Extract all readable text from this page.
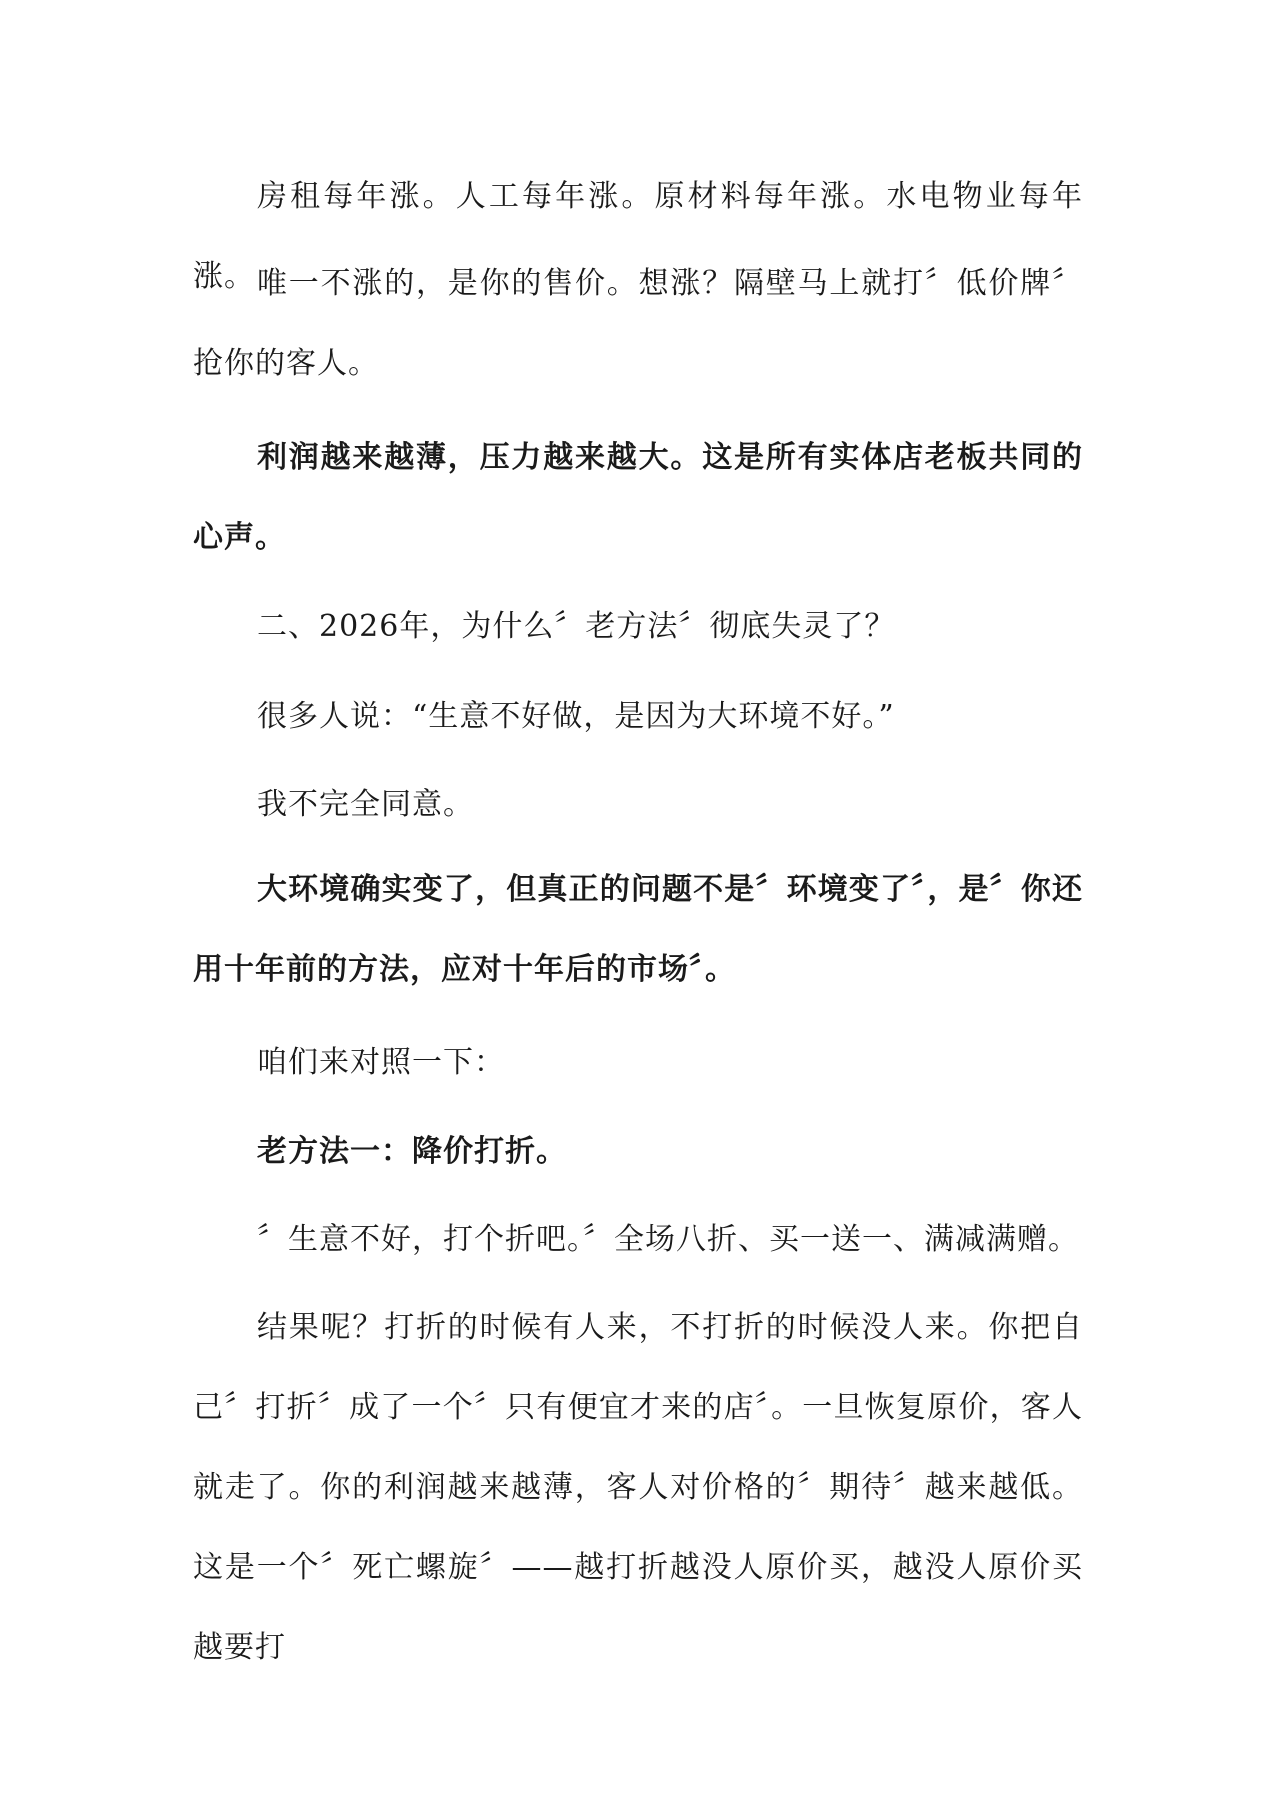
房租每年涨。人工每年涨。原材料每年涨。水电物业每年涨。 唯一不涨的，是你的售价。想涨？隔壁马上就打〞低价牌〞抢你的客人。

利润越来越薄，压力越来越大。这是所有实体店老板共同的心声。

二、2026年，为什么〞老方法〞彻底失灵了？

很多人说：“生意不好做，是因为大环境不好。”

我不完全同意。

大环境确实变了，但真正的问题不是〞环境变了〞，是〞你还用十年前的方法，应对十年后的市场〞。

咱们来对照一下：

老方法一：降价打折。

〞生意不好，打个折吧。〞全场八折、买一送一、满减满赠。

结果呢？打折的时候有人来，不打折的时候没人来。你把自己〞打折〞成了一个〞只有便宜才来的店〞。一旦恢复原价，客人就走了。你的利润越来越薄，客人对价格的〞期待〞越来越低。这是一个〞死亡螺旋〞——越打折越没人原价买，越没人原价买越要打
